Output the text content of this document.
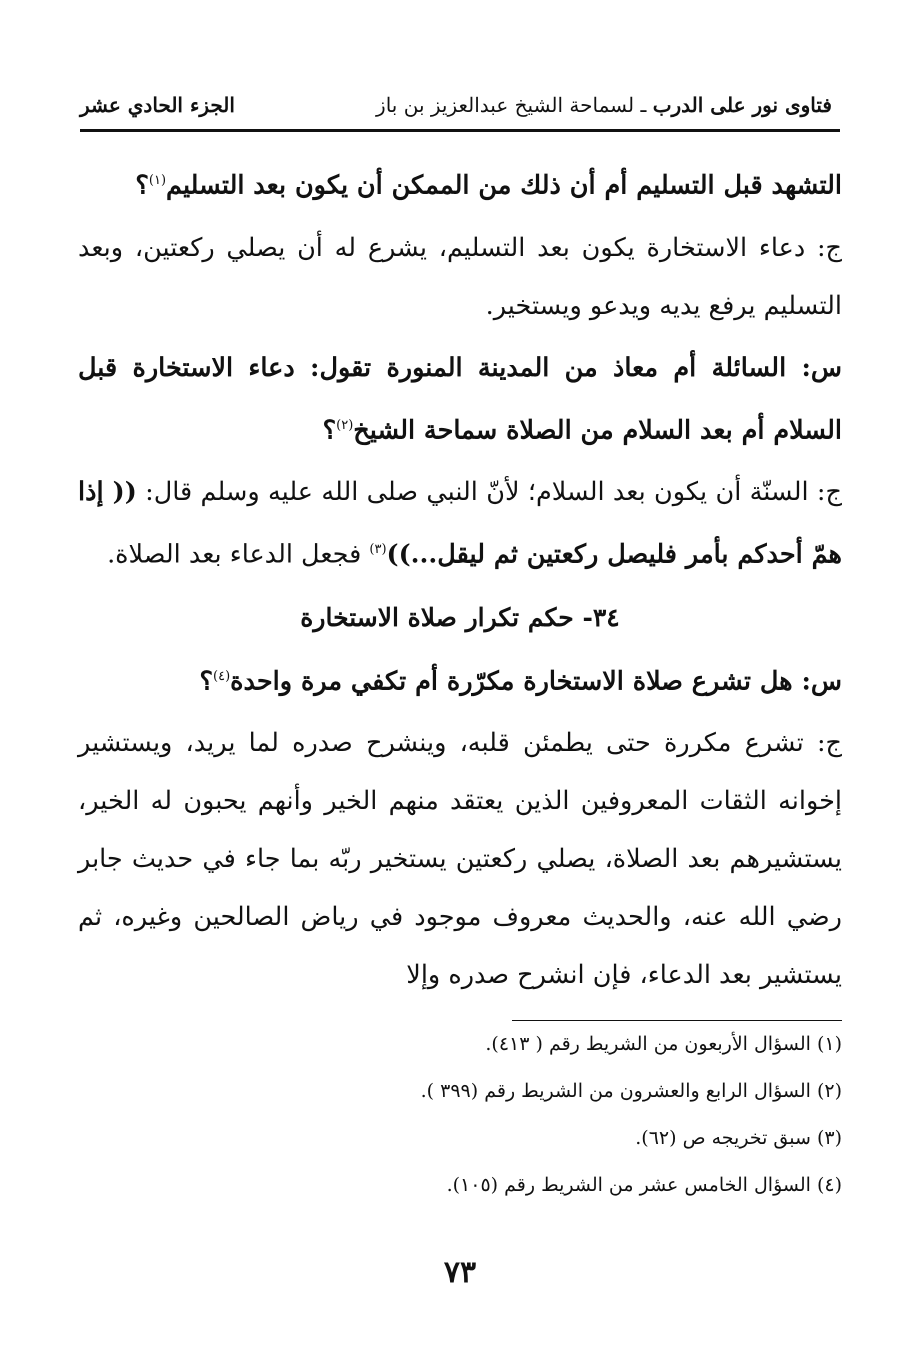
فتاوى نور على الدرب ـ لسماحة الشيخ عبدالعزيز بن باز
الجزء الحادي عشر

التشهد قبل التسليم أم أن ذلك من الممكن أن يكون بعد التسليم$^{(١)}$؟

ج: دعاء الاستخارة يكون بعد التسليم، يشرع له أن يصلي ركعتين، وبعد التسليم يرفع يديه ويدعو ويستخير.

س: السائلة أم معاذ من المدينة المنورة تقول: دعاء الاستخارة قبل السلام أم بعد السلام من الصلاة سماحة الشيخ$^{(٢)}$؟

ج: السنّة أن يكون بعد السلام؛ لأنّ النبي صلى الله عليه وسلم قال: (( إذا همّ أحدكم بأمر فليصل ركعتين ثم ليقل...))$^{(٣)}$ فجعل الدعاء بعد الصلاة.

٣٤- حكم تكرار صلاة الاستخارة

س: هل تشرع صلاة الاستخارة مكرّرة أم تكفي مرة واحدة$^{(٤)}$؟

ج: تشرع مكررة حتى يطمئن قلبه، وينشرح صدره لما يريد، ويستشير إخوانه الثقات المعروفين الذين يعتقد منهم الخير وأنهم يحبون له الخير، يستشيرهم بعد الصلاة، يصلي ركعتين يستخير ربّه بما جاء في حديث جابر رضي الله عنه، والحديث معروف موجود في رياض الصالحين وغيره، ثم يستشير بعد الدعاء، فإن انشرح صدره وإلا

(١) السؤال الأربعون من الشريط رقم ( ٤١٣).

(٢) السؤال الرابع والعشرون من الشريط رقم (٣٩٩ ).

(٣) سبق تخريجه ص (٦٢).

(٤) السؤال الخامس عشر من الشريط رقم (١٠٥).

٧٣
